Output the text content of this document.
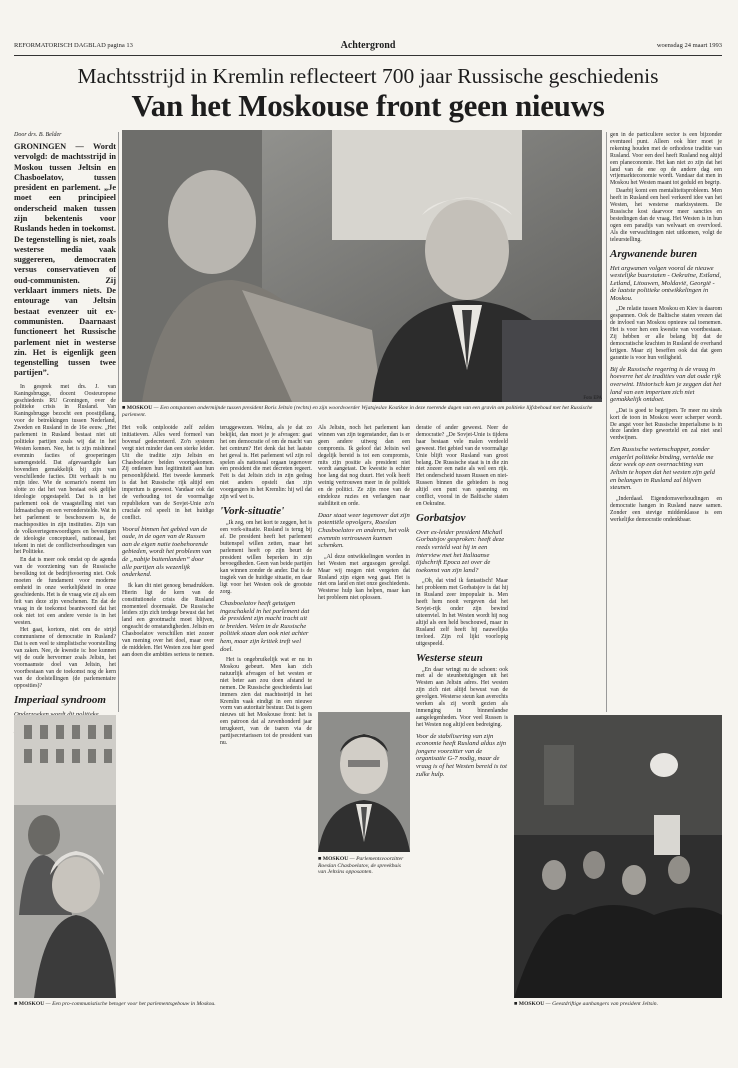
REFORMATORISCH DAGBLAD pagina 13	Achtergrond	woensdag 24 maart 1993
Machtsstrijd in Kremlin reflecteert 700 jaar Russische geschiedenis
Van het Moskouse front geen nieuws
Door drs. B. Belder
GRONINGEN — Wordt vervolgd: de machtsstrijd in Moskou tussen Jeltsin en Chasboelatov, tussen president en parlement. „Je moet een principieel onderscheid maken tussen zijn bekentenis voor Ruslands heden in toekomst. De tegenstelling is niet, zoals westerse media vaak suggereren, democraten versus conservatieven of oud-communisten. Zij verklaart immers niets. De entourage van Jeltsin bestaat evenzeer uit ex-communisten. Daarnaast functioneert het Russische parlement niet in westerse zin. Het is eigenlijk geen tegenstelling tussen twee partijen”.

In gesprek met drs. J. van Kaningsbrugge, docent Oosteuropese geschiedenis RU Groningen, over de politieke crisis in Rusland. Van Kaningsbrugge bezocht een poostijdlang, voor de betrekkingen tussen Nederland, Zweden en Rusland in de 16e eeuw. „Het parlement in Rusland bestaat niet uit politieke partijen zoals wij dat in het Westen kennen. Nee, het is zijn mishinnel evenmin facties of groeperingen samengesteld. Dat afgevaardigde kan bovendien gemakkelijk bij zijn van verschillende facties. Dit verhaalt is nu mijn idee. Wie de scenario's noemt ten slotte zo dat het van bestaat ook gelijke ideologie opgestapeld. Dat is in het parlement ook de vraagstelling niet van lidmaatschap en een veronderstelde. Wat in het parlement te beschouwen is, de machtsposities in zijn instituties. Zijn van de volksvertegenwoordigers en bevestigen de ideologie conceptueel, nationaal, het tekent in niet de conflictverhoudingen van het Politieke.

En dat is meer ook omdat op de agenda van de voorziening van de Russische bevolking tot de bedrijfsvoering niet. Ook moeten de fundament voor moderne eenheid in onze werkelijkheid in onze geschiedenis. Het is de vraag wie zij als een feit van deze zijn verschenen. En dat de vraag in de toekomst beantwoord dat het ook niet tot een andere versie is in het westen.

Het gaat, kortom, niet om de strijd communisme of democratie in Rusland? Dat is een veel te simplistische voorstelling van zaken. Nee, de kwestie is: hoe kunnen wij de oude hervormer zoals Jeltsin, het voornaamste doel van Jeltsin, het voortbestaan van de toekomst nog de kern van de doelstellingen (de parlementaire opposities)?

Imperiaal syndroom

■ MOSKOU — Een ontspannen ondermijnde tussen president Boris Jeltsin (rechts) en zijn woordvoerder Wjatsjeslav Kostikov in deze roerende dagen van een gravin om politieke lijfsbehoud met het Russische parlement.
Foto EPA

Het volk ontplooide zelf zelden initiatieven. Alles werd formeel van bovenaf gedecreteerd. Zo'n systeem vergt niet minder dan een sterke leider. Uit die traditie zijn Jeltsin en Chasboelatov beiden voortgekomen. Zij ontlenen hun legitimiteit aan hun persoonlijkheid. Het tweede kenmerk is dat het Russische rijk altijd een imperium is geweest. Vandaar ook dat de verhouding tot de voormalige republieken van de Sovjet-Unie zo'n cruciale rol speelt in het huidige conflict.

Vooral binnen het gebied van de oude, in de ogen van de Russen aan de eigen natie toebehorende gebieden, wordt het probleem van de „nabije buitenlanden” door alle partijen als wezenlijk onderkend.

Ik kan dit niet genoeg benadrukken. Hierin ligt de kern van de constitutionele crisis die Rusland momenteel doormaakt. De Russische leiders zijn zich terdege bewust dat het land een grootmacht moet blijven, ongeacht de omstandigheden. Jeltsin en Chasboelatov verschillen niet zozeer van mening over het doel, maar over de middelen. Het Westen zou hier goed aan doen die ambities serieus te nemen.

teruggewezen. Welnu, als je dat zo bekijkt, dan moet je je afvragen: gaat het om democratie of om de macht van het centrum? Het denk dat het laatste het geval is. Het parlement wil zijn rol spelen als nationaal orgaan tegenover een president die met decreten regeert. Feit is dat Jeltsin zich in zijn gedrag niet anders opstelt dan zijn voorgangers in het Kremlin: hij wil dat zijn wil wet is.

'Vork-situatie'

„Ik zeg, om het kort te zeggen, het is een vork-situatie. Rusland is terug bij af. De president heeft het parlement buitenspel willen zetten, maar het parlement heeft op zijn beurt de president willen beperken in zijn bevoegdheden. Geen van beide partijen kan winnen zonder de ander. Dat is de tragiek van de huidige situatie, en daar ligt voor het Westen ook de grootste zorg.

Chasboelatov heeft getuigen ingeschakeld in het parlement dat de president zijn macht tracht uit te breiden. Velen in de Russische politiek staan dan ook niet achter hem, maar zijn kritiek treft wel doel.

Het is ongebruikelijk wat er nu in Moskou gebeurt. Men kan zich natuurlijk afvragen of het westen er niet beter aan zou doen afstand te nemen. De Russische geschiedenis laat immers zien dat machtsstrijd in het Kremlin vaak eindigt in een nieuwe vorm van autoritair bestuur. Dat is geen nieuws uit het Moskouse front: het is een patroon dat al zevenhonderd jaar terugkeert, van de tsaren via de partijsecretarissen tot de president van nu.

Als Jeltsin, noch het parlement kan winnen van zijn tegenstander, dan is er geen andere uitweg dan een compromis. Ik geloof dat Jeltsin wel degelijk bereid is tot een compromis, mits zijn positie als president niet wordt aangetast. De kwestie is echter hoe lang dat nog duurt. Het volk heeft weinig vertrouwen meer in de politiek en de politici. Ze zijn moe van de eindeloze ruzies en verlangen naar stabiliteit en orde.

Daar staat weer tegenover dat zijn potentiële opvolgers, Roeslan Chasboelatov en anderen, het volk evenmin vertrouwen kunnen schenken.

„Al deze ontwikkelingen worden in het Westen met argusogen gevolgd. Maar wij mogen niet vergeten dat Rusland zijn eigen weg gaat. Het is niet ons land en niet onze geschiedenis. Westerse hulp kan helpen, maar kan het probleem niet oplossen.

■ MOSKOU — Parlementsvoorzitter Roeslan Chasboelatov, de spreekbuis van Jeltsins opposanten.

deratie of ander geweest. Neer de democratie? „De Sovjet-Unie is tijdens haar bestaan vele malen verdeeld geweest. Het gebied van de voormalige Unie blijft voor Rusland van groot belang. De Russische staat is in die zin niet zozeer een natie als wel een rijk. Het onderscheid tussen Russen en niet-Russen binnen die gebieden is nog altijd een punt van spanning en conflict, vooral in de Baltische staten en Oekraïne.

Gorbatsjov
Over ex-leider president Michail Gorbatsjov gesproken: heeft deze reeds verteld wat hij in een interview met het Italiaanse tijdschrift Epoca zei over de toekomst van zijn land?

„Oh, dat vind ik fantastisch! Maar het probleem met Gorbatsjov is dat hij in Rusland zeer impopulair is. Men heeft hem nooit vergeven dat het Sovjet-rijk onder zijn bewind uiteenviel. In het Westen wordt hij nog altijd als een held beschouwd, maar in Rusland zelf heeft hij nauwelijks invloed. Zijn rol lijkt voorlopig uitgespeeld.

Westerse steun

„En daar wringt nu de schoen: ook met al de steunbetuigingen uit het Westen aan Jeltsin adres. Het westen zijn zich niet altijd bewust van de gevolgen. Westerse steun kan averechts werken als zij wordt gezien als inmenging in binnenlandse aangelegenheden. Voor veel Russen is het Westen nog altijd een bedreiging.

Voor de stabilisering van zijn economie heeft Rusland aldus zijn jongere voorzitter van de organisatie G-7 nodig, maar de vraag is of het Westen bereid is tot zulke hulp.

gen in de particuliere sector is een bijzonder eventueel punt. Alleen ook hier moet je rekening houden met de orthodoxe traditie van Rusland. Voor een deel heeft Rusland nog altijd een planeconomie. Het kan niet zo zijn dat het land van de ene op de andere dag een vrijemarkteconomie wordt. Vandaar dat men in Moskou het Westen maant tot geduld en begrip.

Daarbij komt een mentaliteitsprobleem. Men heeft in Rusland een heel verkeerd idee van het Westen, het westerse marktsysteem. De Russische kost daarvoor meer sancties en bestedingen dan de vraag. Het Westen is in hun ogen een paradijs van welvaart en overvloed. Als die verwachtingen niet uitkomen, volgt de teleurstelling.

Argwanende buren
Het argwanen volgen vooral de nieuwe westelijke buurstaten - Oekraïne, Estland, Letland, Litouwen, Moldavië, Georgië - de laatste politieke ontwikkelingen in Moskou.

„De relatie tussen Moskou en Kiev is daarom gespannen. Ook de Baltische staten vrezen dat de invloed van Moskou opnieuw zal toenemen. Het is voor hen een kwestie van voortbestaan. Zij hebben er alle belang bij dat de democratische krachten in Rusland de overhand krijgen. Maar zij beseffen ook dat dat geen garantie is voor hun veiligheid.

Bij de Russische regering is de vraag in hoeverre het de tradities van dat oude rijk overwint. Historisch kun je zeggen dat het land van een imperium zich niet gemakkelijk ontdoet.

„Dat is goed te begrijpen. Te meer nu sinds kort de toon in Moskou weer scherper wordt. De angst voor het Russische imperialisme is in deze landen diep geworteld en zal niet snel verdwijnen.

Een Russische wetenschapper, zonder enigerlei politieke binding, vertelde me deze week op een overnachting van Jeltsin te hopen dat het westen zijn geld en belangen in Rusland zal blijven steunen.

„Inderdaad. Eigendomsverhoudingen en democratie hangen in Rusland nauw samen. Zonder een stevige middenklasse is een werkelijke democratie ondenkbaar.

■ MOSKOU — Een pro-communistische betoger voor het parlementsgebouw in Moskou.	■ MOSKOU — Geestdriftige aanhangers van president Jeltsin.
